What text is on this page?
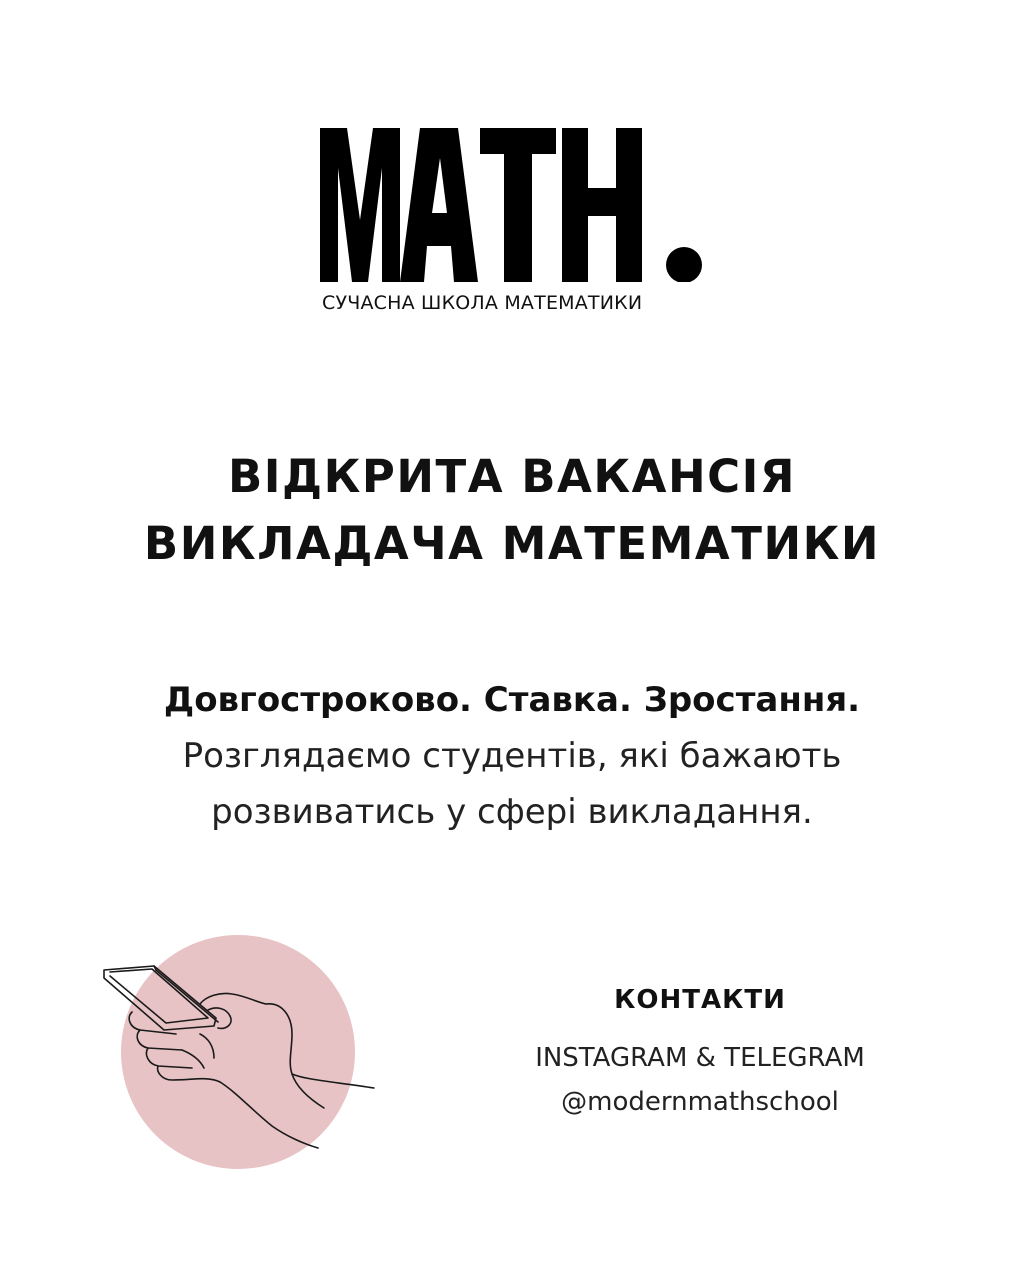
СУЧАСНА ШКОЛА МАТЕМАТИКИ
ВІДКРИТА ВАКАНСІЯ
ВИКЛАДАЧА МАТЕМАТИКИ
Довгостроково. Ставка. Зростання.
Розглядаємо студентів, які бажають
розвиватись у сфері викладання.
КОНТАКТИ
INSTAGRAM & TELEGRAM
@modernmathschool
